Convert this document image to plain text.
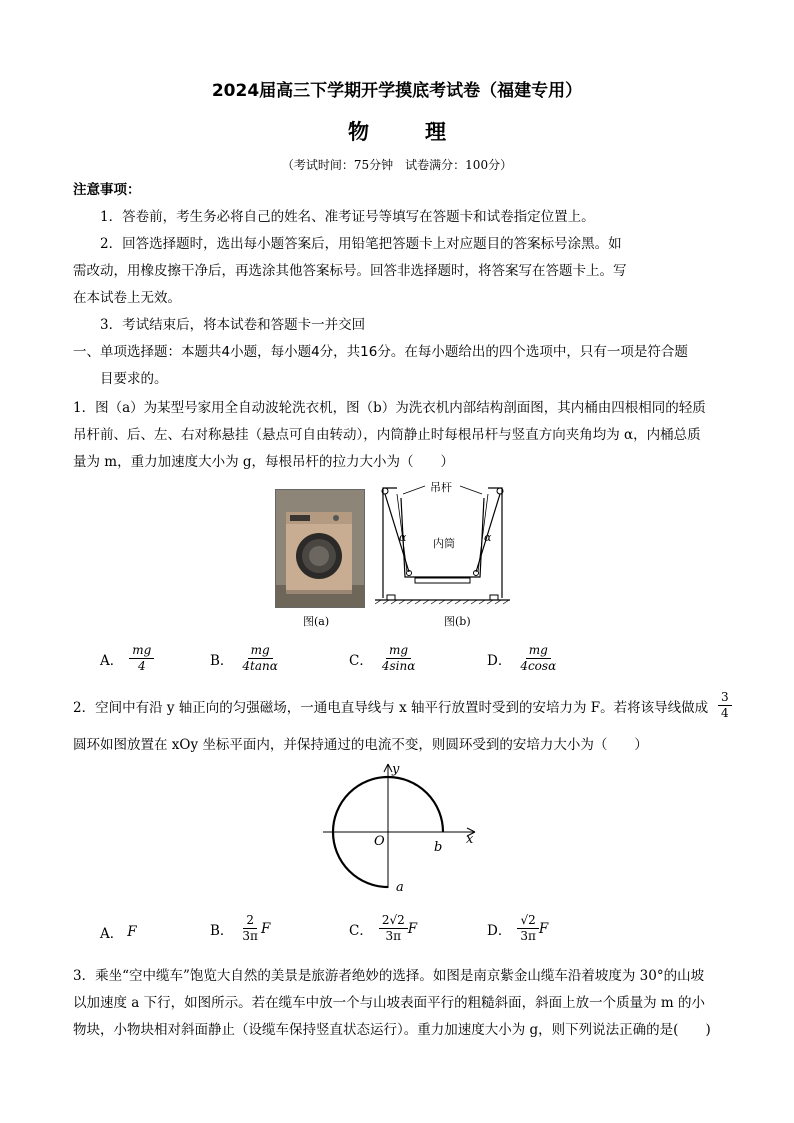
2024届高三下学期开学摸底考试卷（福建专用）
物	理
（考试时间：75分钟　试卷满分：100分）
注意事项：
1．答卷前，考生务必将自己的姓名、准考证号等填写在答题卡和试卷指定位置上。
2．回答选择题时，选出每小题答案后，用铅笔把答题卡上对应题目的答案标号涂黑。如
需改动，用橡皮擦干净后，再选涂其他答案标号。回答非选择题时，将答案写在答题卡上。写
在本试卷上无效。
3．考试结束后，将本试卷和答题卡一并交回
一、单项选择题：本题共4小题，每小题4分，共16分。在每小题给出的四个选项中，只有一项是符合题
目要求的。
1．图（a）为某型号家用全自动波轮洗衣机，图（b）为洗衣机内部结构剖面图，其内桶由四根相同的轻质
吊杆前、后、左、右对称悬挂（悬点可自由转动），内筒静止时每根吊杆与竖直方向夹角均为 α，内桶总质
量为 m，重力加速度大小为 g，每根吊杆的拉力大小为（　　）
图(a)
吊杆
内筒
α	α
图(b)
A． $\frac{mg}{4}$	B． $\frac{mg}{4\tan\alpha}$	C． $\frac{mg}{4\sin\alpha}$	D． $\frac{mg}{4\cos\alpha}$
2．空间中有沿 y 轴正向的匀强磁场，一通电直导线与 x 轴平行放置时受到的安培力为 F。若将该导线做成 $\frac{3}{4}$
圆环如图放置在 xOy 坐标平面内，并保持通过的电流不变，则圆环受到的安培力大小为（　　）
y
x
O	b
a
A． F	B． $\frac{2}{3\pi}$ F	C． $\frac{2√2}{3\pi}$ F	D． $\frac{√2}{3\pi}$ F
3．乘坐“空中缆车”饱览大自然的美景是旅游者绝妙的选择。如图是南京紫金山缆车沿着坡度为 30°的山坡
以加速度 a 下行，如图所示。若在缆车中放一个与山坡表面平行的粗糙斜面，斜面上放一个质量为 m 的小
物块，小物块相对斜面静止（设缆车保持竖直状态运行）。重力加速度大小为 g，则下列说法正确的是(　　)
